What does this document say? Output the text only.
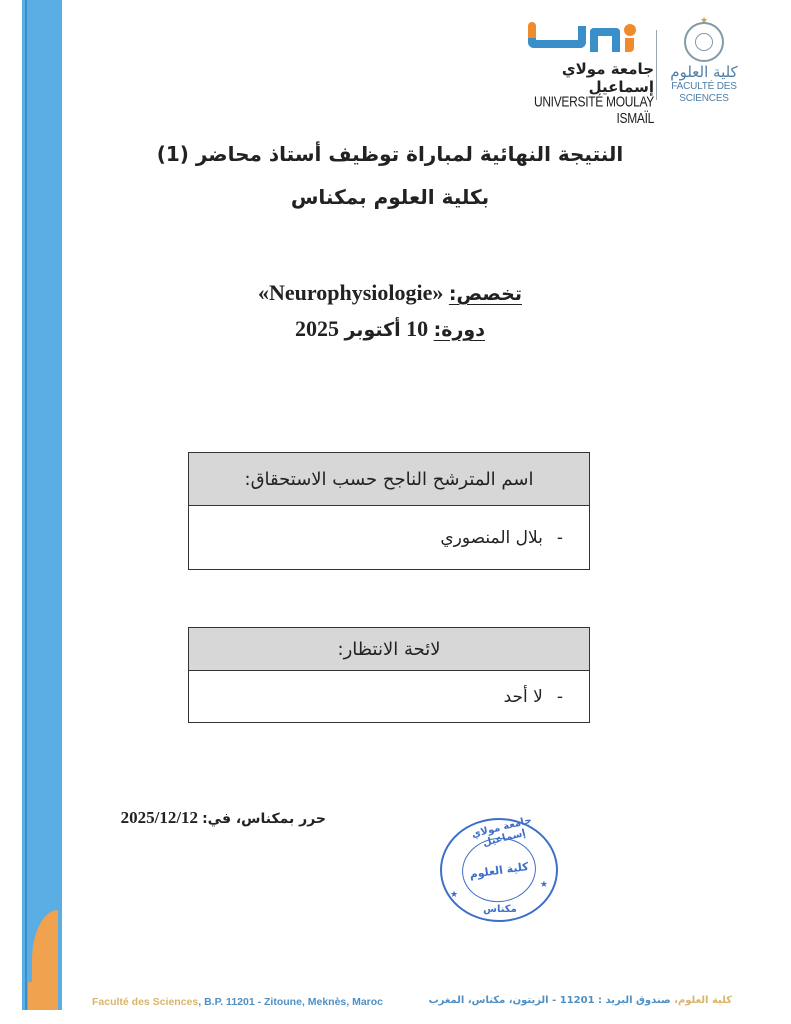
جامعة مولاي إسماعيل
UNIVERSITÉ MOULAY ISMAÏL
★
كلية العلوم
FACULTÉ DES SCIENCES
النتيجة النهائية لمباراة توظيف أستاذ محاضر (1)
بكلية العلوم بمكناس
تخصص: «Neurophysiologie»
دورة: 10 أكتوبر 2025
اسم المترشح الناجح حسب الاستحقاق:
-
بلال المنصوري
لائحة الانتظار:
-
لا أحد
حرر بمكناس، في: 2025/12/12	جامعة مولاي إسماعيل
كلية العلوم
★
★
مكناس
Faculté des Sciences, B.P. 11201 - Zitoune, Meknès, Maroc	كلية العلوم، صندوق البريد : 11201 - الزيتون، مكناس، المغرب
